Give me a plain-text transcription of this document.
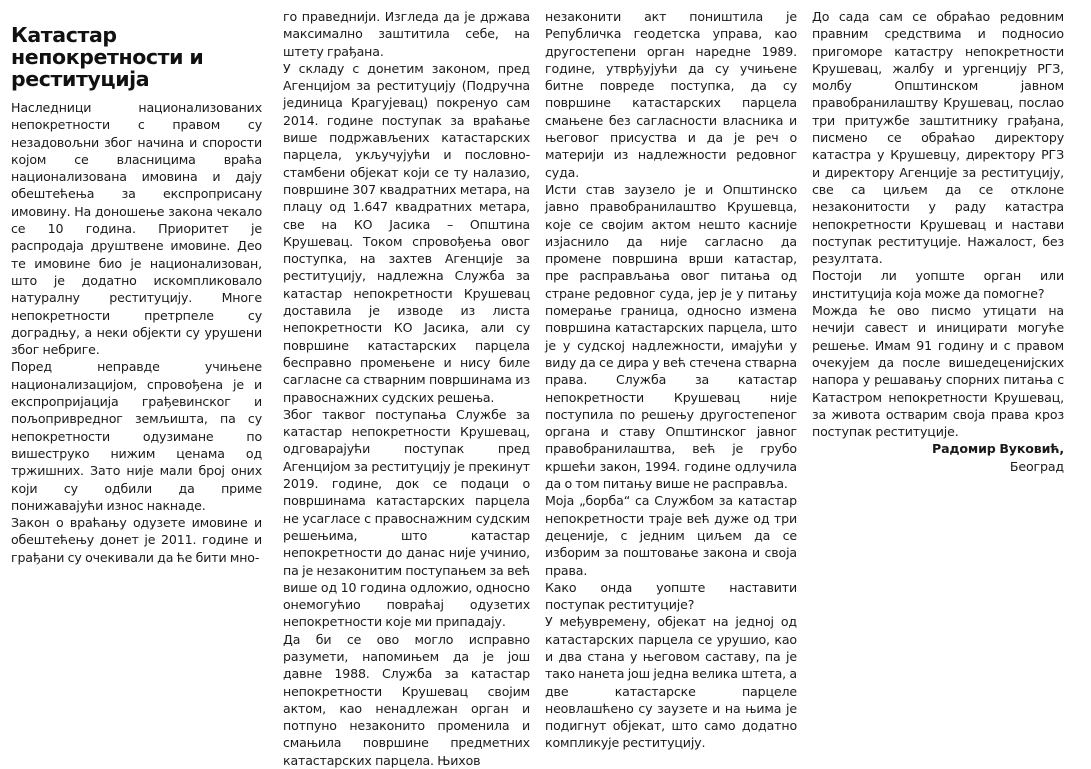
Катастар непокретности и реституција

Наследници национализованих непокретности с правом су незадовољни због начина и спорости којом се власницима враћа национализована имовина и дају обештећења за експроприсану имовину. На доношење закона чекало се 10 година. Приоритет је распродаја друштвене имовине. Део те имовине био је национализован, што је додатно искомпликовало натуралну реституцију. Многе непокретности претрпеле су доградњу, а неки објекти су урушени због небриге.

Поред неправде учињене национализацијом, спровођена је и експропријација грађевинског и пољопривредног земљишта, па су непокретности одузимане по вишеструко нижим ценама од тржишних. Зато није мали број оних који су одбили да приме понижавајући износ накнаде.

Закон о враћању одузете имовине и обештећењу донет је 2011. године и грађани су очекивали да ће бити мно-

го праведнији. Изгледа да је држава максимално заштитила себе, на штету грађана.

У складу с донетим законом, пред Агенцијом за реституцију (Подручна јединица Крагујевац) покренуо сам 2014. године поступак за враћање више подржављених катастарских парцела, укључујући и пословно-стамбени објекат који се ту налазио, површине 307 квадратних метара, на плацу од 1.647 квадратних метара, све на КО Јасика – Општина Крушевац. Током спровођења овог поступка, на захтев Агенције за реституцију, надлежна Служба за катастар непокретности Крушевац доставила је изводе из листа непокретности КО Јасика, али су површине катастарских парцела бесправно промењене и нису биле сагласне са стварним површинама из правоснажних судских решења.

Због таквог поступања Службе за катастар непокретности Крушевац, одговарајући поступак пред Агенцијом за реституцију је прекинут 2019. године, док се подаци о површинама катастарских парцела не усагласе с правоснажним судским решењима, што катастар непокретности до данас није учинио, па је незаконитим поступањем за већ више од 10 година одложио, односно онемогућио повраћај одузетих непокретности које ми припадају.

Да би се ово могло исправно разумети, напомињем да је још давне 1988. Служба за катастар непокретности Крушевац својим актом, као ненадлежан орган и потпуно незаконито променила и смањила површине предметних катастарских парцела. Њихов

незаконити акт поништила је Републичка геодетска управа, као другостепени орган наредне 1989. године, утврђујући да су учињене битне повреде поступка, да су површине катастарских парцела смањене без сагласности власника и његовог присуства и да је реч о материји из надлежности редовног суда.

Исти став заузело је и Општинско јавно правобранилаштво Крушевца, које се својим актом нешто касније изјаснило да није сагласно да промене површина врши катастар, пре расправљања овог питања од стране редовног суда, јер је у питању померање граница, односно измена површина катастарских парцела, што је у судској надлежности, имајући у виду да се дира у већ стечена стварна права. Служба за катастар непокретности Крушевац није поступила по решењу другостепеног органа и ставу Општинског јавног правобранилаштва, већ је грубо кршећи закон, 1994. године одлучила да о том питању више не расправља.

Моја „борба“ са Службом за катастар непокретности траје већ дуже од три деценије, с једним циљем да се изборим за поштовање закона и своја права.

Како онда уопште наставити поступак реституције?

У међувремену, објекат на једној од катастарских парцела се урушио, као и два стана у његовом саставу, па је тако нанета још једна велика штета, а две катастарске парцеле неовлашћено су заузете и на њима је подигнут објекат, што само додатно компликује реституцију.

До сада сам се обраћао редовним правним средствима и подносио пригоморе катастру непокретности Крушевац, жалбу и ургенцију РГЗ, молбу Општинском јавном правобранилаштву Крушевац, послао три притужбе заштитнику грађана, писмено се обраћао директору катастра у Крушевцу, директору РГЗ и директору Агенције за реституцију, све са циљем да се отклоне незаконитости у раду катастра непокретности Крушевац и настави поступак реституције. Нажалост, без резултата.

Постоји ли уопште орган или институција која може да помогне?

Можда ће ово писмо утицати на нечији савест и иницирати могуће решење. Имам 91 годину и с правом очекујем да после вишедеценијских напора у решавању спорних питања с Катастром непокретности Крушевац, за живота остварим своја права кроз поступак реституције.

Радомир Вуковић,

Београд
